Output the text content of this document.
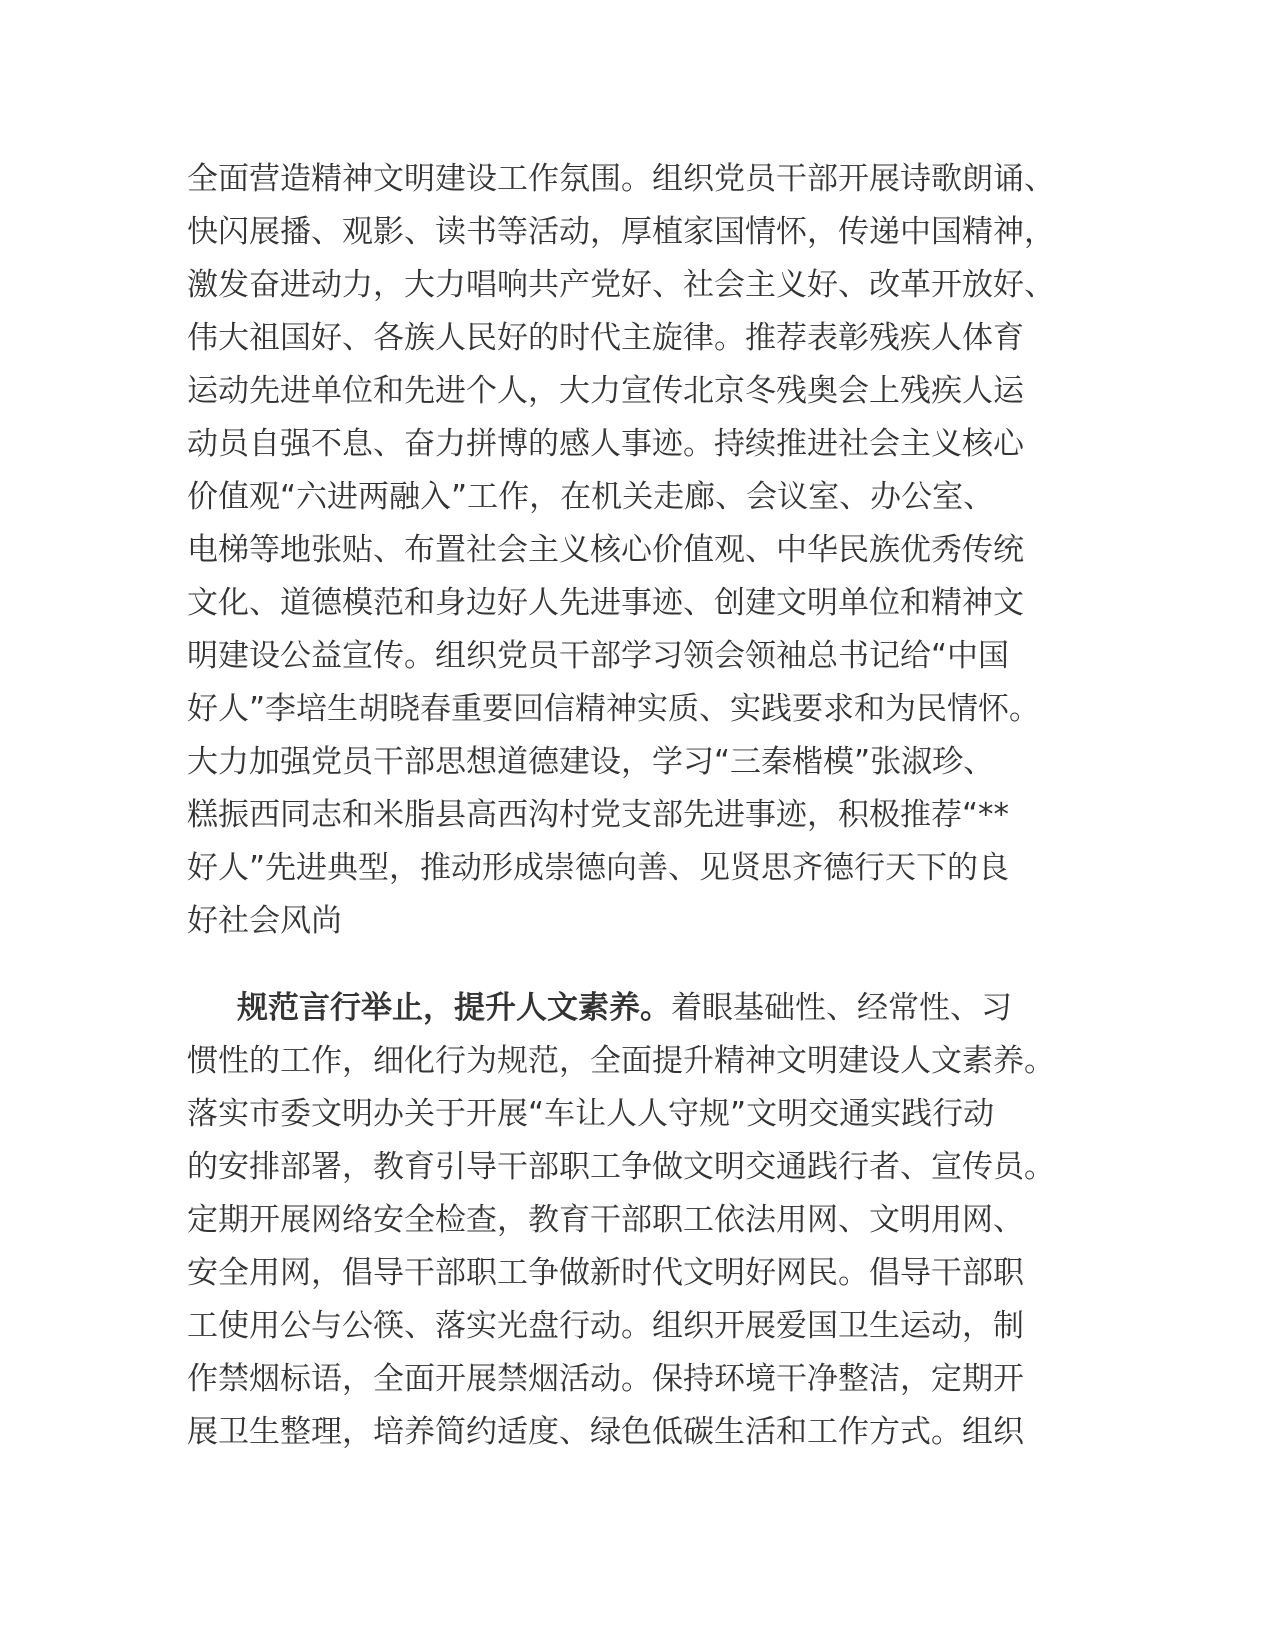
全面营造精神文明建设工作氛围。组织党员干部开展诗歌朗诵、
快闪展播、观影、读书等活动，厚植家国情怀，传递中国精神，
激发奋进动力，大力唱响共产党好、社会主义好、改革开放好、
伟大祖国好、各族人民好的时代主旋律。推荐表彰残疾人体育
运动先进单位和先进个人，大力宣传北京冬残奥会上残疾人运
动员自强不息、奋力拼博的感人事迹。持续推进社会主义核心
价值观“六进两融入”工作，在机关走廊、会议室、办公室、
电梯等地张贴、布置社会主义核心价值观、中华民族优秀传统
文化、道德模范和身边好人先进事迹、创建文明单位和精神文
明建设公益宣传。组织党员干部学习领会领袖总书记给“中国
好人”李培生胡晓春重要回信精神实质、实践要求和为民情怀。
大力加强党员干部思想道德建设，学习“三秦楷模”张淑珍、
糕振西同志和米脂县高西沟村党支部先进事迹，积极推荐“**
好人”先进典型，推动形成崇德向善、见贤思齐德行天下的良
好社会风尚
规范言行举止，提升人文素养。着眼基础性、经常性、习
惯性的工作，细化行为规范，全面提升精神文明建设人文素养。
落实市委文明办关于开展“车让人人守规”文明交通实践行动
的安排部署，教育引导干部职工争做文明交通践行者、宣传员。
定期开展网络安全检查，教育干部职工依法用网、文明用网、
安全用网，倡导干部职工争做新时代文明好网民。倡导干部职
工使用公与公筷、落实光盘行动。组织开展爱国卫生运动，制
作禁烟标语，全面开展禁烟活动。保持环境干净整洁，定期开
展卫生整理，培养简约适度、绿色低碳生活和工作方式。组织
